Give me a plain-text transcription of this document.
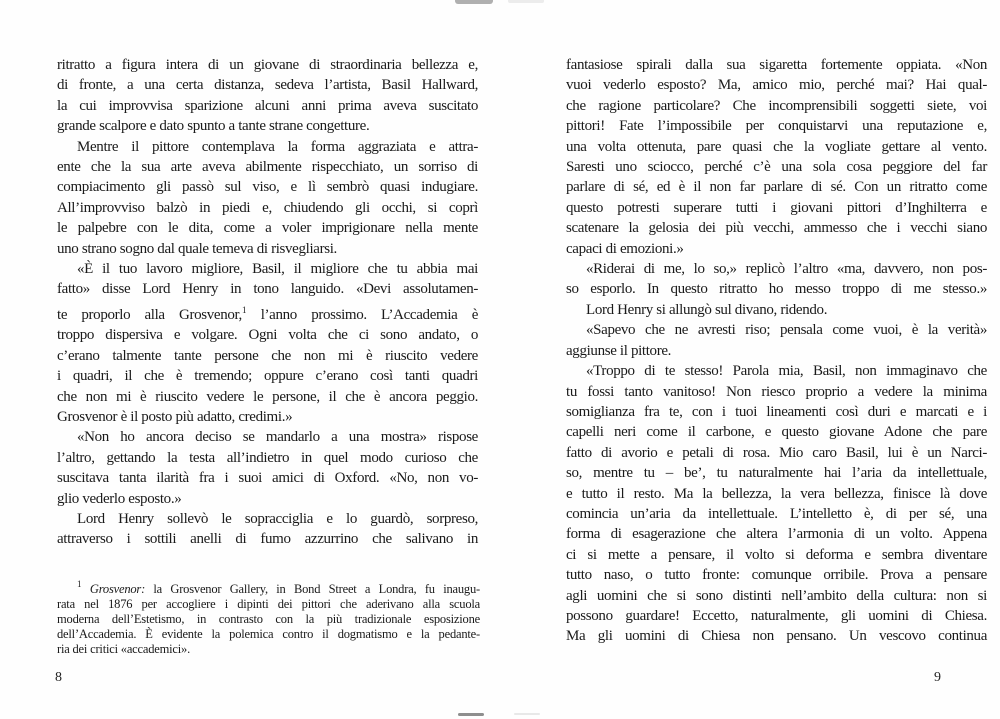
ritratto a figura intera di un giovane di straordinaria bellezza e,
di fronte, a una certa distanza, sedeva l’artista, Basil Hallward,
la cui improvvisa sparizione alcuni anni prima aveva suscitato
grande scalpore e dato spunto a tante strane congetture.
Mentre il pittore contemplava la forma aggraziata e attra-
ente che la sua arte aveva abilmente rispecchiato, un sorriso di
compiacimento gli passò sul viso, e lì sembrò quasi indugiare.
All’improvviso balzò in piedi e, chiudendo gli occhi, si coprì
le palpebre con le dita, come a voler imprigionare nella mente
uno strano sogno dal quale temeva di risvegliarsi.
«È il tuo lavoro migliore, Basil, il migliore che tu abbia mai
fatto» disse Lord Henry in tono languido. «Devi assolutamen-
te proporlo alla Grosvenor,$^1$ l’anno prossimo. L’Accademia è
troppo dispersiva e volgare. Ogni volta che ci sono andato, o
c’erano talmente tante persone che non mi è riuscito vedere
i quadri, il che è tremendo; oppure c’erano così tanti quadri
che non mi è riuscito vedere le persone, il che è ancora peggio.
Grosvenor è il posto più adatto, credimi.»
«Non ho ancora deciso se mandarlo a una mostra» rispose
l’altro, gettando la testa all’indietro in quel modo curioso che
suscitava tanta ilarità fra i suoi amici di Oxford. «No, non vo-
glio vederlo esposto.»
Lord Henry sollevò le sopracciglia e lo guardò, sorpreso,
attraverso i sottili anelli di fumo azzurrino che salivano in
$^1$ Grosvenor: la Grosvenor Gallery, in Bond Street a Londra, fu inaugu-
rata nel 1876 per accogliere i dipinti dei pittori che aderivano alla scuola
moderna dell’Estetismo, in contrasto con la più tradizionale esposizione
dell’Accademia. È evidente la polemica contro il dogmatismo e la pedante-
ria dei critici «accademici».
8
fantasiose spirali dalla sua sigaretta fortemente oppiata. «Non
vuoi vederlo esposto? Ma, amico mio, perché mai? Hai qual-
che ragione particolare? Che incomprensibili soggetti siete, voi
pittori! Fate l’impossibile per conquistarvi una reputazione e,
una volta ottenuta, pare quasi che la vogliate gettare al vento.
Saresti uno sciocco, perché c’è una sola cosa peggiore del far
parlare di sé, ed è il non far parlare di sé. Con un ritratto come
questo potresti superare tutti i giovani pittori d’Inghilterra e
scatenare la gelosia dei più vecchi, ammesso che i vecchi siano
capaci di emozioni.»
«Riderai di me, lo so,» replicò l’altro «ma, davvero, non pos-
so esporlo. In questo ritratto ho messo troppo di me stesso.»
Lord Henry si allungò sul divano, ridendo.
«Sapevo che ne avresti riso; pensala come vuoi, è la verità»
aggiunse il pittore.
«Troppo di te stesso! Parola mia, Basil, non immaginavo che
tu fossi tanto vanitoso! Non riesco proprio a vedere la minima
somiglianza fra te, con i tuoi lineamenti così duri e marcati e i
capelli neri come il carbone, e questo giovane Adone che pare
fatto di avorio e petali di rosa. Mio caro Basil, lui è un Narci-
so, mentre tu – be’, tu naturalmente hai l’aria da intellettuale,
e tutto il resto. Ma la bellezza, la vera bellezza, finisce là dove
comincia un’aria da intellettuale. L’intelletto è, di per sé, una
forma di esagerazione che altera l’armonia di un volto. Appena
ci si mette a pensare, il volto si deforma e sembra diventare
tutto naso, o tutto fronte: comunque orribile. Prova a pensare
agli uomini che si sono distinti nell’ambito della cultura: non si
possono guardare! Eccetto, naturalmente, gli uomini di Chiesa.
Ma gli uomini di Chiesa non pensano. Un vescovo continua
9
